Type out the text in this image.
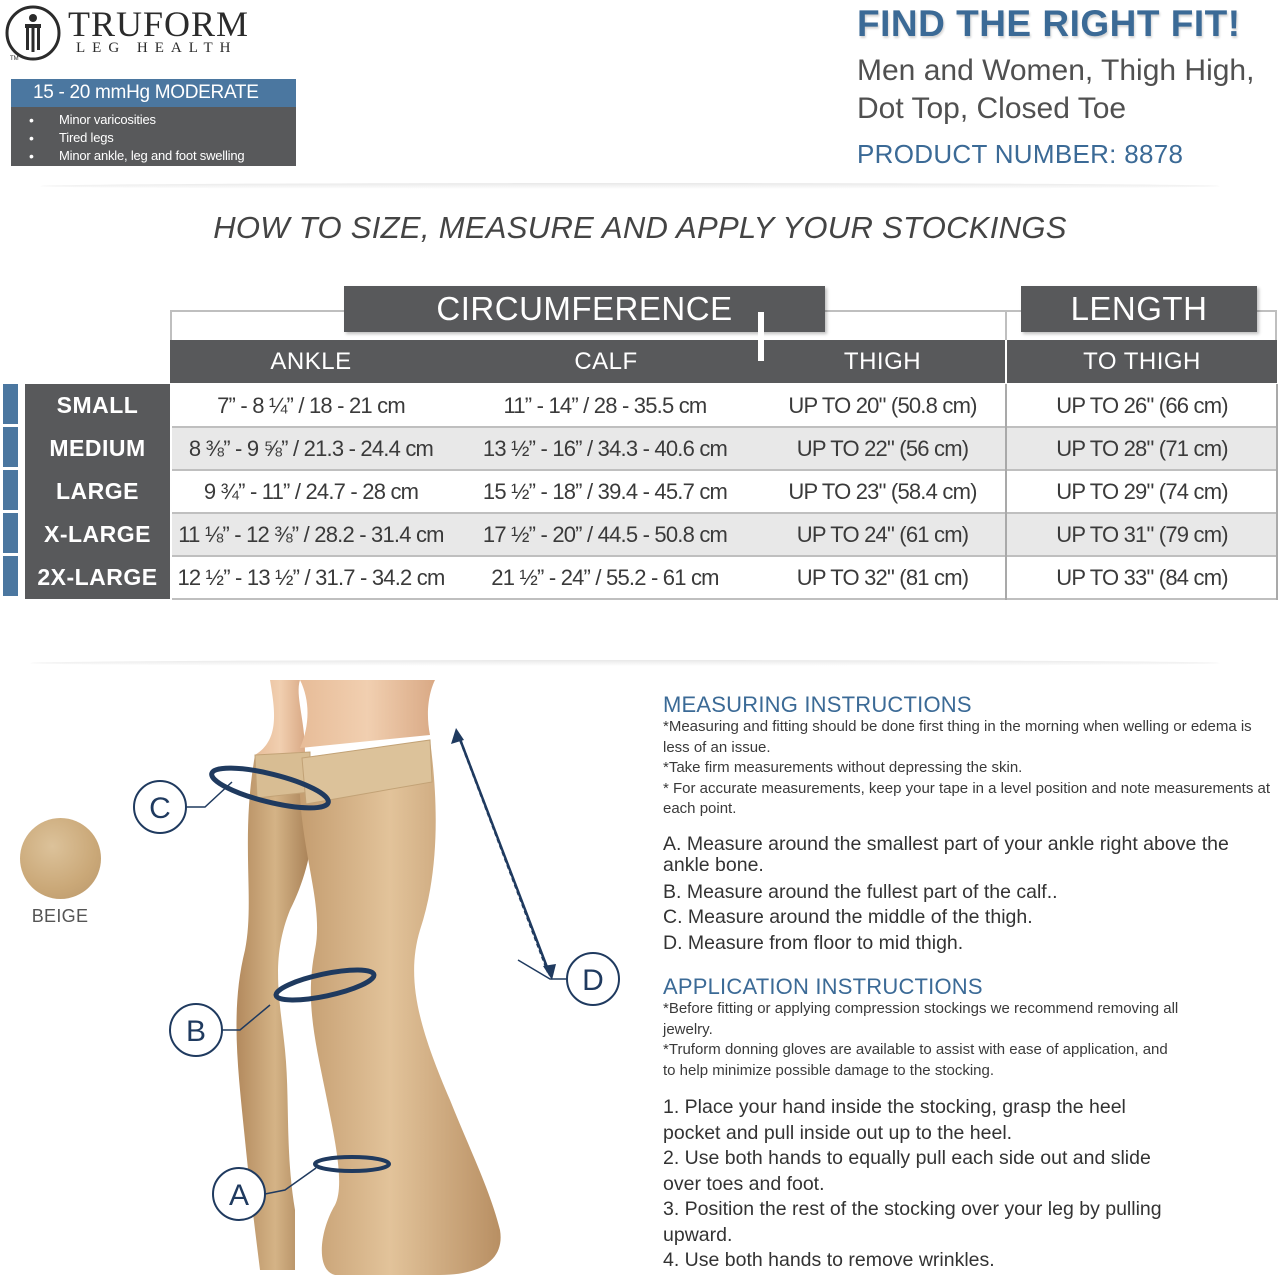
TM
TRUFORM
LEG HEALTH
15 - 20 mmHg MODERATE
• Minor varicosities
• Tired legs
• Minor ankle, leg and foot swelling
FIND THE RIGHT FIT!
Men and Women, Thigh High, Dot Top, Closed Toe
PRODUCT NUMBER: 8878
HOW TO SIZE, MEASURE AND APPLY YOUR STOCKINGS
CIRCUMFERENCE	LENGTH
ANKLE	CALF	THIGH	TO THIGH
SMALL	7” - 8 ¼” / 18 - 21 cm	11” - 14” / 28 - 35.5 cm	UP TO 20" (50.8 cm)	UP TO 26" (66 cm)
MEDIUM	8 ⅜” - 9 ⅝” / 21.3 - 24.4 cm	13 ½” - 16” / 34.3 - 40.6 cm	UP TO 22" (56 cm)	UP TO 28" (71 cm)
LARGE	9 ¾” - 11” / 24.7 - 28 cm	15 ½” - 18” / 39.4 - 45.7 cm	UP TO 23" (58.4 cm)	UP TO 29" (74 cm)
X-LARGE	11 ⅛” - 12 ⅜” / 28.2 - 31.4 cm	17 ½” - 20” / 44.5 - 50.8 cm	UP TO 24" (61 cm)	UP TO 31" (79 cm)
2X-LARGE 12 ½” - 13 ½” / 31.7 - 34.2 cm	21 ½” - 24” / 55.2 - 61 cm	UP TO 32" (81 cm)	UP TO 33" (84 cm)
BEIGE
C
B
A
D
MEASURING INSTRUCTIONS

*Measuring and fitting should be done first thing in the morning when welling or edema is less of an issue.

*Take firm measurements without depressing the skin.

* For accurate measurements, keep your tape in a level position and note measurements at each point.

A. Measure around the smallest part of your ankle right above the ankle bone.

B. Measure around the fullest part of the calf..

C. Measure around the middle of the thigh.

D. Measure from floor to mid thigh.

APPLICATION INSTRUCTIONS

*Before fitting or applying compression stockings we recommend removing all jewelry.

*Truform donning gloves are available to assist with ease of application, and to help minimize possible damage to the stocking.

1. Place your hand inside the stocking, grasp the heel pocket and pull inside out up to the heel.

2. Use both hands to equally pull each side out and slide over toes and foot.

3. Position the rest of the stocking over your leg by pulling upward.

4. Use both hands to remove wrinkles.
